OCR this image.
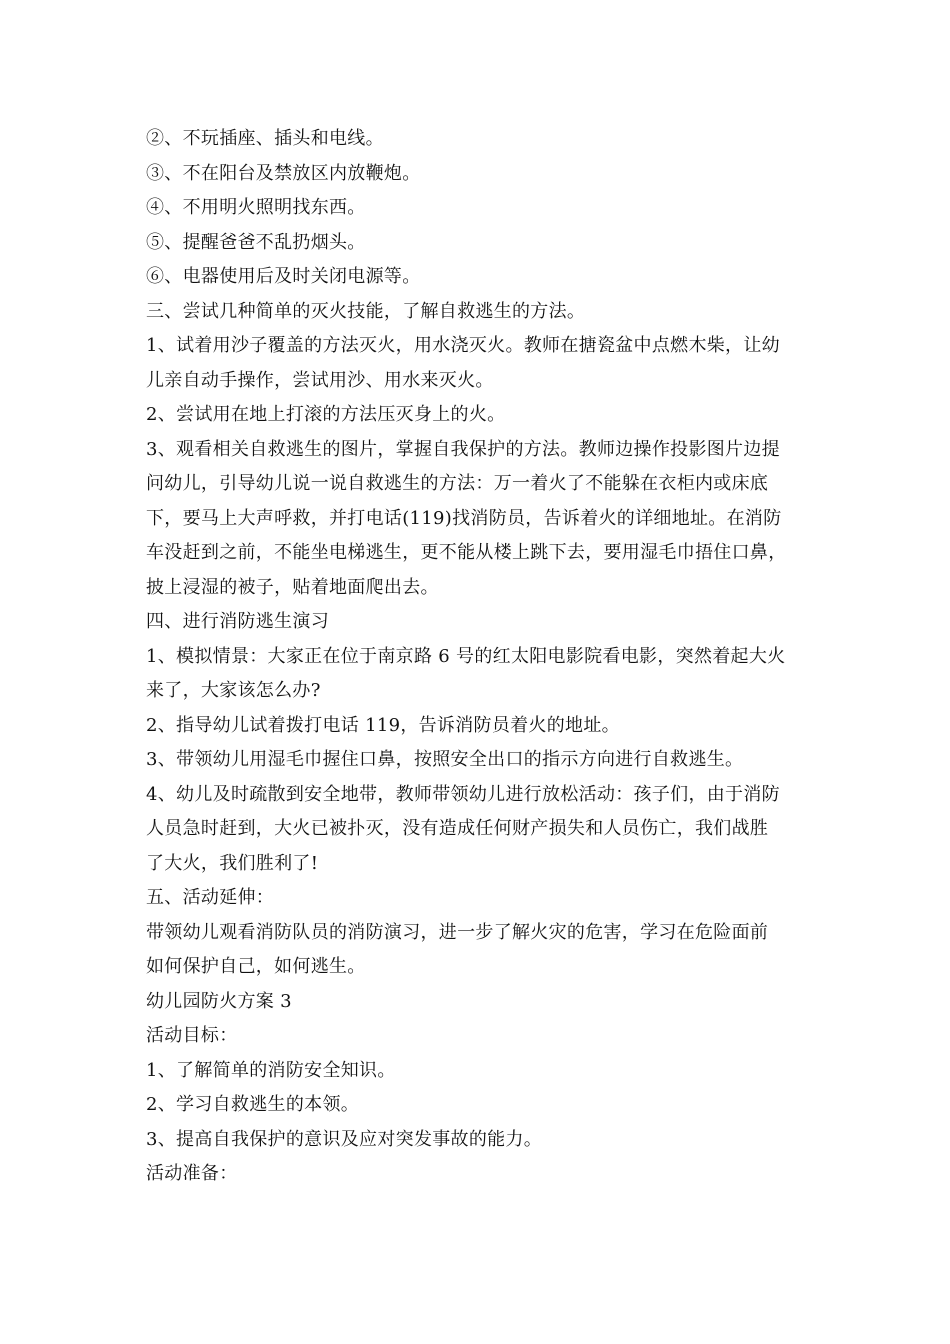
②、不玩插座、插头和电线。
③、不在阳台及禁放区内放鞭炮。
④、不用明火照明找东西。
⑤、提醒爸爸不乱扔烟头。
⑥、电器使用后及时关闭电源等。
三、尝试几种简单的灭火技能，了解自救逃生的方法。
1、试着用沙子覆盖的方法灭火，用水浇灭火。教师在搪瓷盆中点燃木柴，让幼
儿亲自动手操作，尝试用沙、用水来灭火。
2、尝试用在地上打滚的方法压灭身上的火。
3、观看相关自救逃生的图片，掌握自我保护的方法。教师边操作投影图片边提
问幼儿，引导幼儿说一说自救逃生的方法：万一着火了不能躲在衣柜内或床底
下，要马上大声呼救，并打电话(119)找消防员，告诉着火的详细地址。在消防
车没赶到之前，不能坐电梯逃生，更不能从楼上跳下去，要用湿毛巾捂住口鼻，
披上浸湿的被子，贴着地面爬出去。
四、进行消防逃生演习
1、模拟情景：大家正在位于南京路 6 号的红太阳电影院看电影，突然着起大火
来了，大家该怎么办?
2、指导幼儿试着拨打电话 119，告诉消防员着火的地址。
3、带领幼儿用湿毛巾握住口鼻，按照安全出口的指示方向进行自救逃生。
4、幼儿及时疏散到安全地带，教师带领幼儿进行放松活动：孩子们，由于消防
人员急时赶到，大火已被扑灭，没有造成任何财产损失和人员伤亡，我们战胜
了大火，我们胜利了!
五、活动延伸：
带领幼儿观看消防队员的消防演习，进一步了解火灾的危害，学习在危险面前
如何保护自己，如何逃生。
幼儿园防火方案 3
活动目标：
1、了解简单的消防安全知识。
2、学习自救逃生的本领。
3、提高自我保护的意识及应对突发事故的能力。
活动准备：
